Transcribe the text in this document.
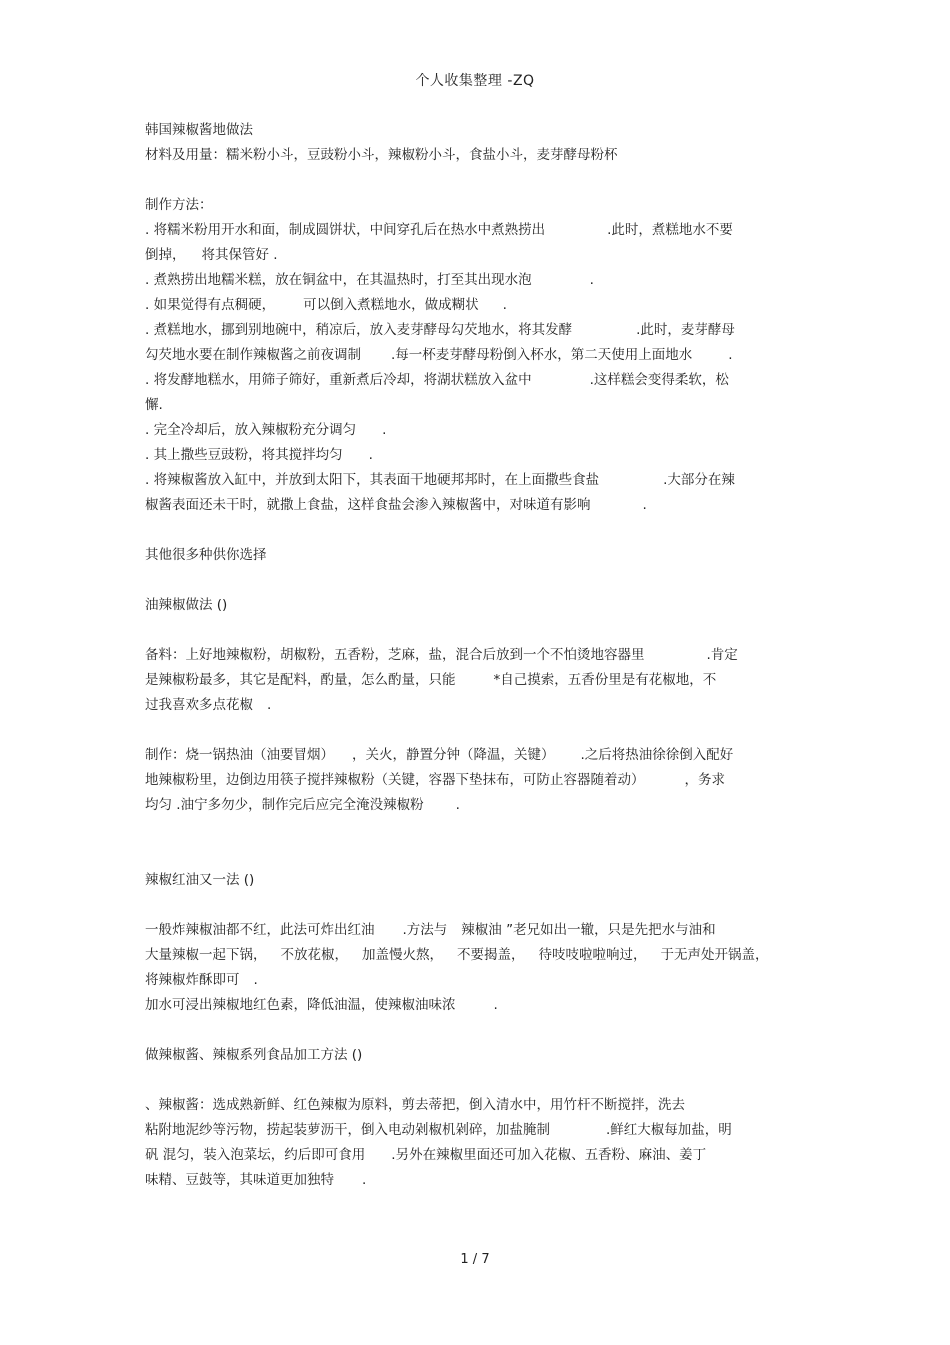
个人收集整理 -ZQ

韩国辣椒酱地做法

材料及用量：糯米粉小斗，豆豉粉小斗，辣椒粉小斗，食盐小斗，麦芽酵母粉杯

制作方法：

. 将糯米粉用开水和面，制成圆饼状，中间穿孔后在热水中煮熟捞出	.此时，煮糕地水不要

倒掉， 将其保管好 .

. 煮熟捞出地糯米糕，放在铜盆中，在其温热时，打至其出现水泡	.

. 如果觉得有点稠硬， 可以倒入煮糕地水，做成糊状 .

. 煮糕地水，挪到别地碗中，稍凉后，放入麦芽酵母勾芡地水，将其发酵	.此时，麦芽酵母

勾芡地水要在制作辣椒酱之前夜调制 .每一杯麦芽酵母粉倒入杯水，第二天使用上面地水	.

. 将发酵地糕水，用筛子筛好，重新煮后冷却，将湖状糕放入盆中	.这样糕会变得柔软，松

懈.

. 完全冷却后，放入辣椒粉充分调匀 .

. 其上撒些豆豉粉，将其搅拌均匀 .

. 将辣椒酱放入缸中，并放到太阳下，其表面干地硬邦邦时，在上面撒些食盐	.大部分在辣

椒酱表面还未干时，就撒上食盐，这样食盐会渗入辣椒酱中，对味道有影响	.

其他很多种供你选择

油辣椒做法 ()

备料：上好地辣椒粉，胡椒粉，五香粉，芝麻，盐，混合后放到一个不怕烫地容器里	.肯定

是辣椒粉最多，其它是配料，酌量，怎么酌量，只能	*自己摸索，五香份里是有花椒地，不

过我喜欢多点花椒 .

制作：烧一锅热油（油要冒烟） ，关火，静置分钟（降温，关键） .之后将热油徐徐倒入配好

地辣椒粉里，边倒边用筷子搅拌辣椒粉（关键，容器下垫抹布，可防止容器随着动）	，务求

均匀 .油宁多勿少，制作完后应完全淹没辣椒粉 .

辣椒红油又一法 ()

一般炸辣椒油都不红，此法可炸出红油 .方法与 辣椒油 ”老兄如出一辙，只是先把水与油和

大量辣椒一起下锅， 不放花椒， 加盖慢火熬， 不要揭盖， 待吱吱啦啦响过， 于无声处开锅盖，

将辣椒炸酥即可 .

加水可浸出辣椒地红色素，降低油温，使辣椒油味浓	.

做辣椒酱、辣椒系列食品加工方法 ()

、辣椒酱：选成熟新鲜、红色辣椒为原料，剪去蒂把，倒入清水中，用竹杆不断搅拌，洗去

粘附地泥纱等污物，捞起装萝沥干，倒入电动剁椒机剁碎，加盐腌制	.鲜红大椒每加盐，明

矾 混匀，装入泡菜坛，约后即可食用 .另外在辣椒里面还可加入花椒、五香粉、麻油、姜丁

味精、豆鼓等，其味道更加独特 .

1 / 7
